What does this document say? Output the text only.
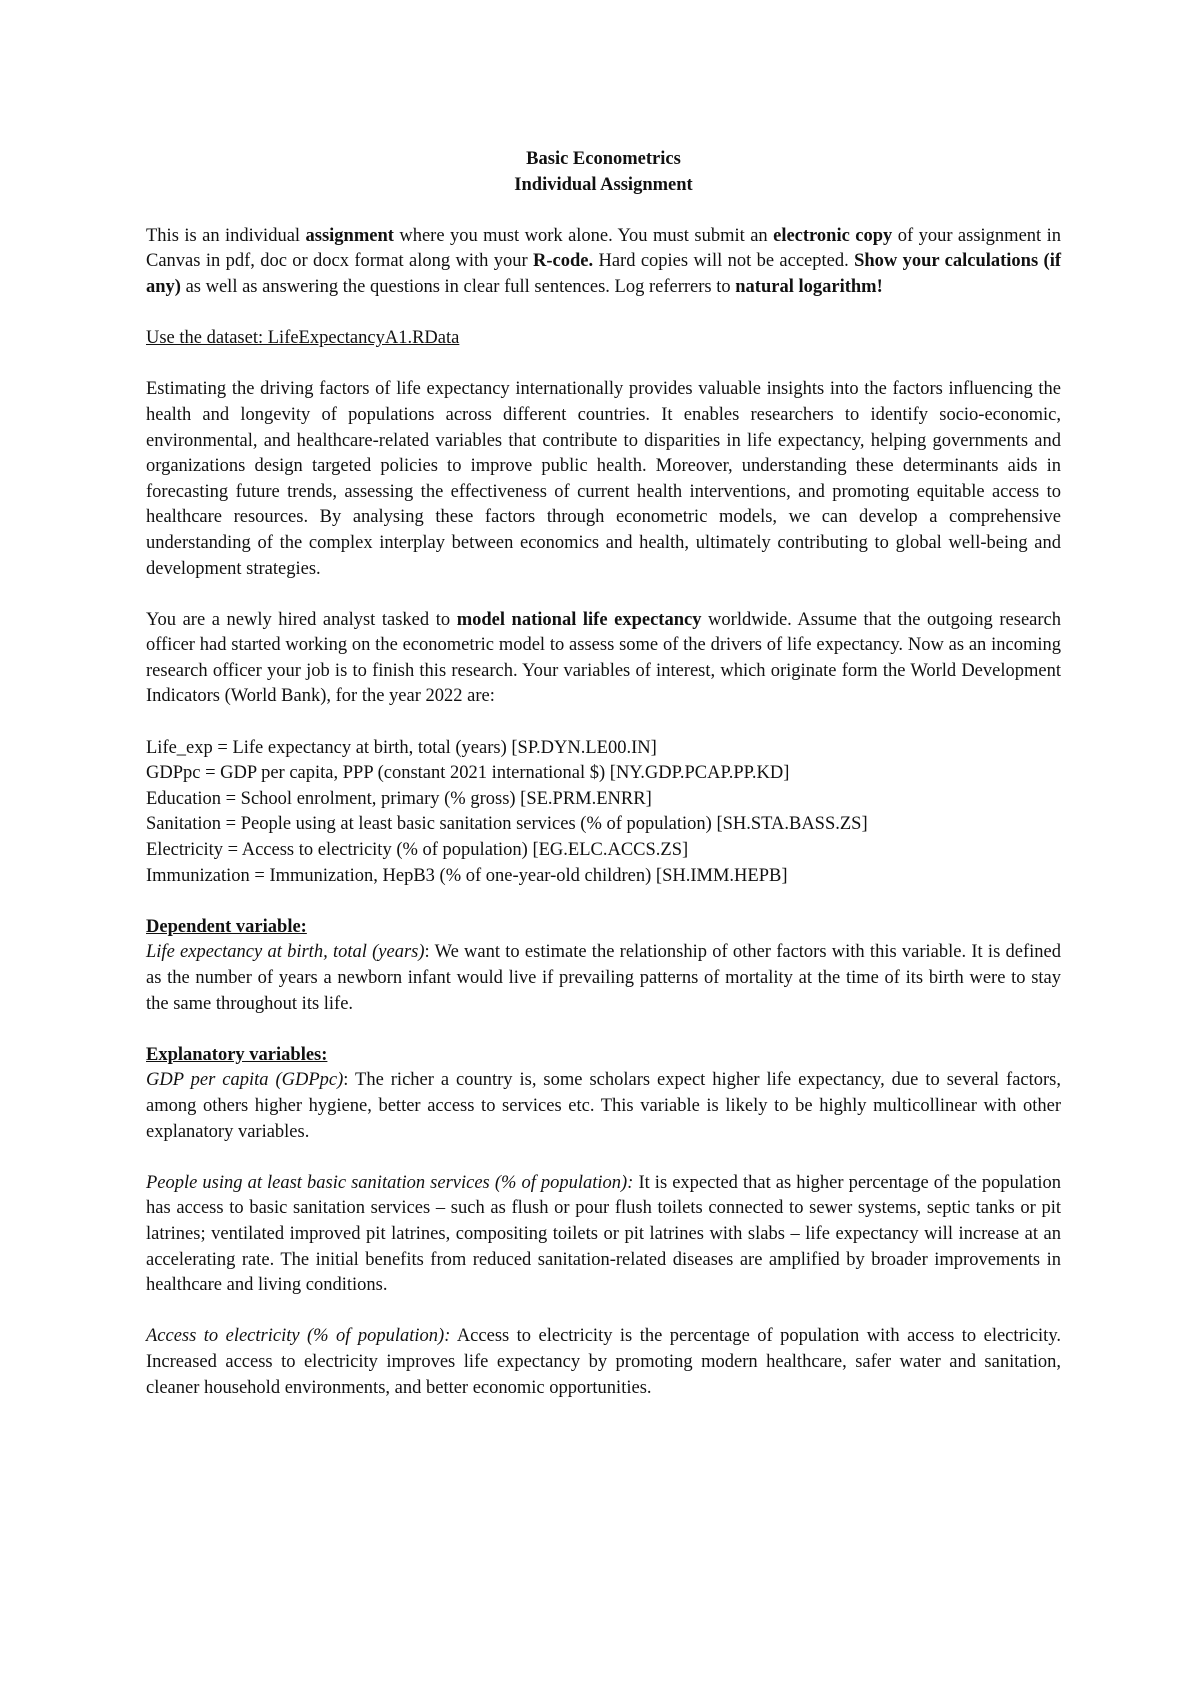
Basic Econometrics

Individual Assignment

This is an individual assignment where you must work alone. You must submit an electronic copy of your assignment in Canvas in pdf, doc or docx format along with your R-code. Hard copies will not be accepted. Show your calculations (if any) as well as answering the questions in clear full sentences. Log referrers to natural logarithm!

Use the dataset: LifeExpectancyA1.RData

Estimating the driving factors of life expectancy internationally provides valuable insights into the factors influencing the health and longevity of populations across different countries. It enables researchers to identify socio-economic, environmental, and healthcare-related variables that contribute to disparities in life expectancy, helping governments and organizations design targeted policies to improve public health. Moreover, understanding these determinants aids in forecasting future trends, assessing the effectiveness of current health interventions, and promoting equitable access to healthcare resources. By analysing these factors through econometric models, we can develop a comprehensive understanding of the complex interplay between economics and health, ultimately contributing to global well-being and development strategies.

You are a newly hired analyst tasked to model national life expectancy worldwide. Assume that the outgoing research officer had started working on the econometric model to assess some of the drivers of life expectancy. Now as an incoming research officer your job is to finish this research. Your variables of interest, which originate form the World Development Indicators (World Bank), for the year 2022 are:

Life_exp = Life expectancy at birth, total (years) [SP.DYN.LE00.IN]
GDPpc = GDP per capita, PPP (constant 2021 international $) [NY.GDP.PCAP.PP.KD]
Education = School enrolment, primary (% gross) [SE.PRM.ENRR]
Sanitation = People using at least basic sanitation services (% of population) [SH.STA.BASS.ZS]
Electricity = Access to electricity (% of population) [EG.ELC.ACCS.ZS]
Immunization = Immunization, HepB3 (% of one-year-old children) [SH.IMM.HEPB]

Dependent variable:

Life expectancy at birth, total (years): We want to estimate the relationship of other factors with this variable. It is defined as the number of years a newborn infant would live if prevailing patterns of mortality at the time of its birth were to stay the same throughout its life.

Explanatory variables:

GDP per capita (GDPpc): The richer a country is, some scholars expect higher life expectancy, due to several factors, among others higher hygiene, better access to services etc. This variable is likely to be highly multicollinear with other explanatory variables.

People using at least basic sanitation services (% of population): It is expected that as higher percentage of the population has access to basic sanitation services – such as flush or pour flush toilets connected to sewer systems, septic tanks or pit latrines; ventilated improved pit latrines, compositing toilets or pit latrines with slabs – life expectancy will increase at an accelerating rate. The initial benefits from reduced sanitation-related diseases are amplified by broader improvements in healthcare and living conditions.

Access to electricity (% of population): Access to electricity is the percentage of population with access to electricity. Increased access to electricity improves life expectancy by promoting modern healthcare, safer water and sanitation, cleaner household environments, and better economic opportunities.
